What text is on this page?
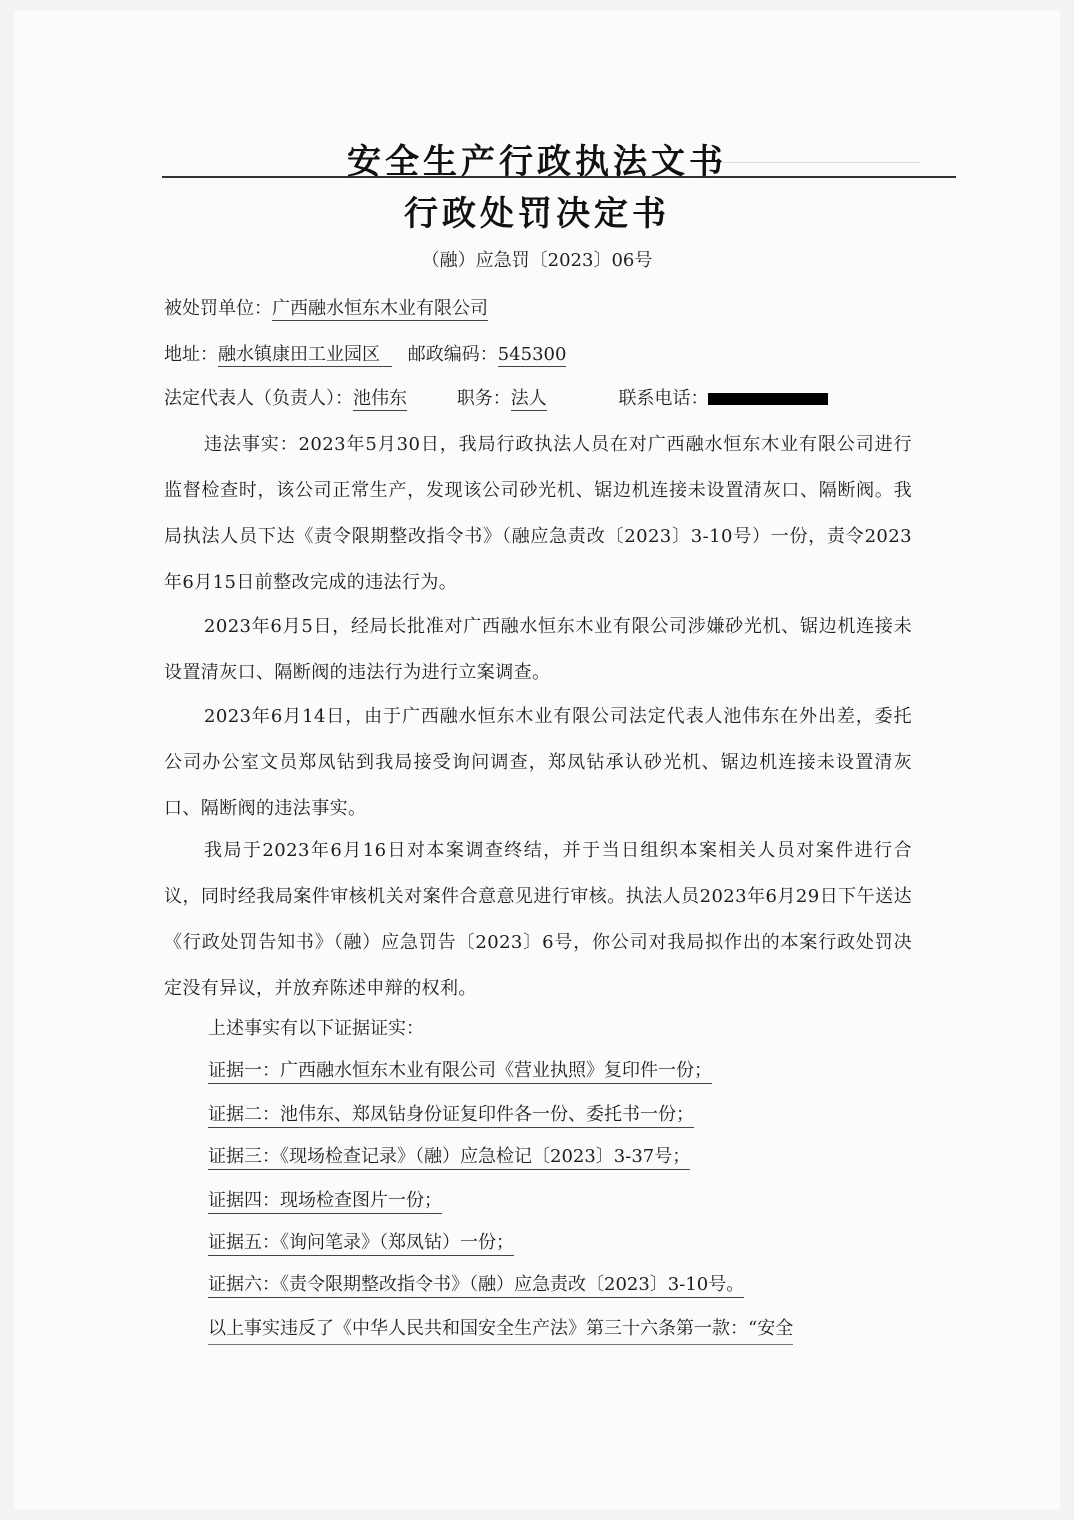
安全生产行政执法文书
行政处罚决定书
（融）应急罚〔2023〕06号
被处罚单位：广西融水恒东木业有限公司
地址：融水镇康田工业园区 邮政编码：545300
法定代表人（负责人）：池伟东	职务：法人	联系电话：
违法事实：2023年5月30日，我局行政执法人员在对广西融水恒东木业有限公司进行监督检查时，该公司正常生产，发现该公司砂光机、锯边机连接未设置清灰口、隔断阀。我局执法人员下达《责令限期整改指令书》（融应急责改〔2023〕3-10号）一份，责令2023年6月15日前整改完成的违法行为。
2023年6月5日，经局长批准对广西融水恒东木业有限公司涉嫌砂光机、锯边机连接未设置清灰口、隔断阀的违法行为进行立案调查。
2023年6月14日，由于广西融水恒东木业有限公司法定代表人池伟东在外出差，委托公司办公室文员郑凤钻到我局接受询问调查，郑凤钻承认砂光机、锯边机连接未设置清灰口、隔断阀的违法事实。
我局于2023年6月16日对本案调查终结，并于当日组织本案相关人员对案件进行合议，同时经我局案件审核机关对案件合意意见进行审核。执法人员2023年6月29日下午送达《行政处罚告知书》（融）应急罚告〔2023〕6号，你公司对我局拟作出的本案行政处罚决定没有异议，并放弃陈述申辩的权利。
上述事实有以下证据证实：
证据一：广西融水恒东木业有限公司《营业执照》复印件一份；
证据二：池伟东、郑凤钻身份证复印件各一份、委托书一份；
证据三：《现场检查记录》（融）应急检记〔2023〕3-37号；
证据四：现场检查图片一份；
证据五：《询问笔录》（郑凤钻）一份；
证据六：《责令限期整改指令书》（融）应急责改〔2023〕3-10号。
以上事实违反了《中华人民共和国安全生产法》第三十六条第一款：“安全
